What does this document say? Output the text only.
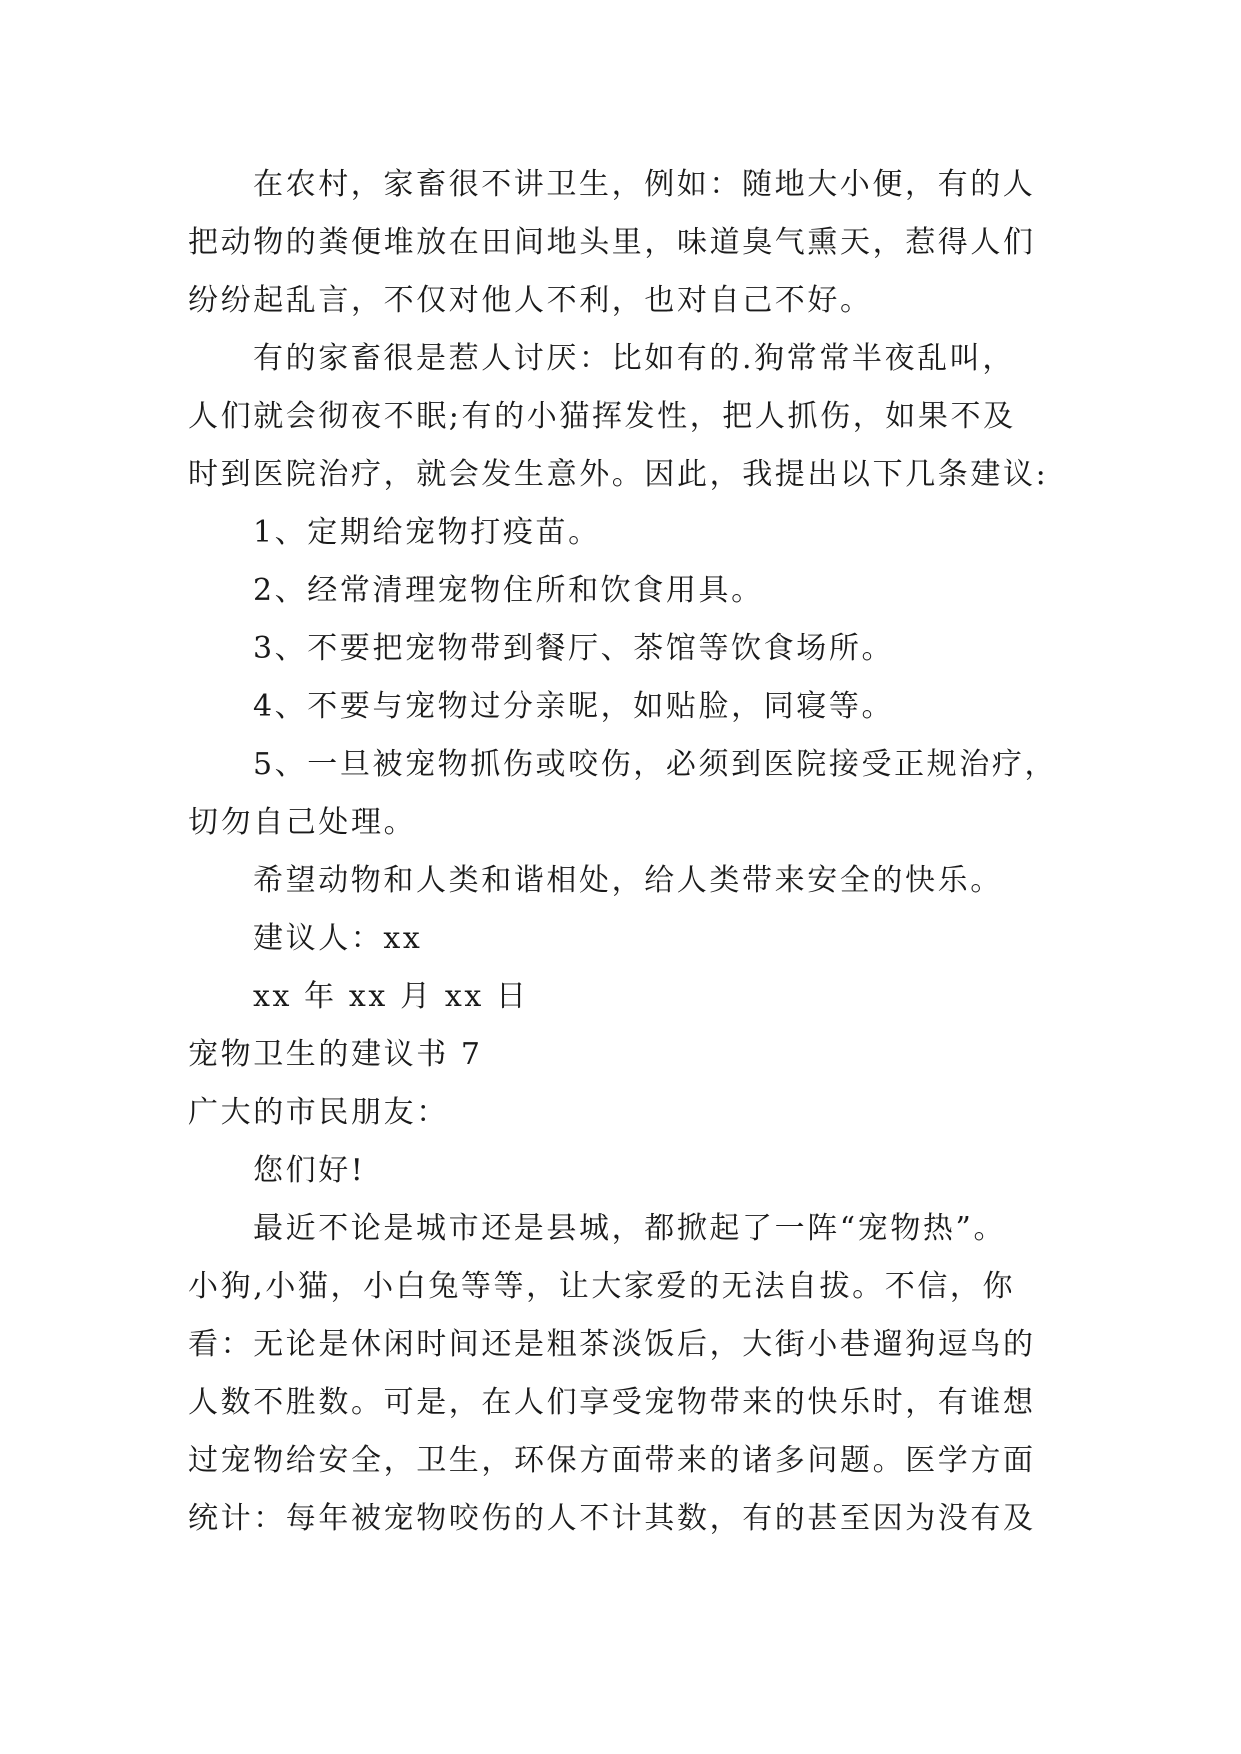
在农村，家畜很不讲卫生，例如：随地大小便，有的人
把动物的粪便堆放在田间地头里，味道臭气熏天，惹得人们
纷纷起乱言，不仅对他人不利，也对自己不好。
有的家畜很是惹人讨厌：比如有的.狗常常半夜乱叫，
人们就会彻夜不眠;有的小猫挥发性，把人抓伤，如果不及
时到医院治疗，就会发生意外。因此，我提出以下几条建议:
1、定期给宠物打疫苗。
2、经常清理宠物住所和饮食用具。
3、不要把宠物带到餐厅、茶馆等饮食场所。
4、不要与宠物过分亲昵，如贴脸，同寝等。
5、一旦被宠物抓伤或咬伤，必须到医院接受正规治疗，
切勿自己处理。
希望动物和人类和谐相处，给人类带来安全的快乐。
建议人：xx
xx 年 xx 月 xx 日
宠物卫生的建议书 7
广大的市民朋友：
您们好!
最近不论是城市还是县城，都掀起了一阵“宠物热”。
小狗,小猫，小白兔等等，让大家爱的无法自拔。不信，你
看：无论是休闲时间还是粗茶淡饭后，大街小巷遛狗逗鸟的
人数不胜数。可是，在人们享受宠物带来的快乐时，有谁想
过宠物给安全，卫生，环保方面带来的诸多问题。医学方面
统计：每年被宠物咬伤的人不计其数，有的甚至因为没有及
